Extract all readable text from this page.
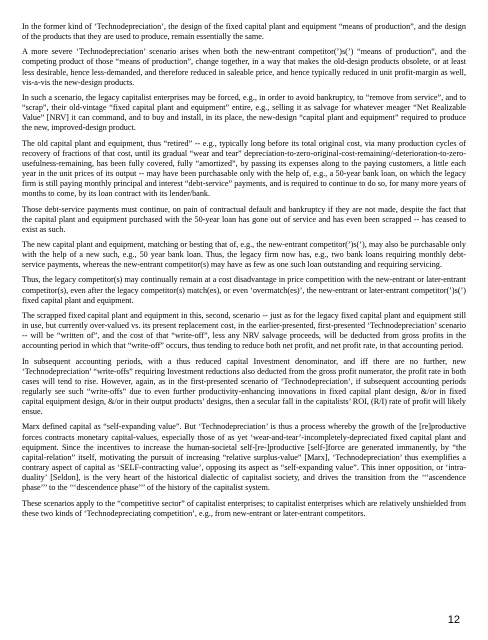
In the former kind of ‘Technodepreciation’, the design of the fixed capital plant and equipment “means of production”, and the design of the products that they are used to produce, remain essentially the same.

A more severe ‘Technodepreciation’ scenario arises when both the new-entrant competitor(’)s(’) “means of production”, and the competing product of those “means of production”, change together, in a way that makes the old-design products obsolete, or at least less desirable, hence less-demanded, and therefore reduced in saleable price, and hence typically reduced in unit profit-margin as well, vis-a-vis the new-design products.

In such a scenario, the legacy capitalist enterprises may be forced, e.g., in order to avoid bankruptcy, to “remove from service”, and to “scrap”, their old-vintage “fixed capital plant and equipment” entire, e.g., selling it as salvage for whatever meager “Net Realizable Value” [NRV] it can command, and to buy and install, in its place, the new-design “capital plant and equipment” required to produce the new, improved-design product.

The old capital plant and equipment, thus “retired” -- e.g., typically long before its total original cost, via many production cycles of recovery of fractions of that cost, until its gradual “wear and tear” depreciation-to-zero-original-cost-remaining/-deterioration-to-zero-usefulness-remaining, has been fully covered, fully “amortized”, by passing its expenses along to the paying customers, a little each year in the unit prices of its output -- may have been purchasable only with the help of, e.g., a 50-year bank loan, on which the legacy firm is still paying monthly principal and interest “debt-service” payments, and is required to continue to do so, for many more years of months to come, by its loan contract with its lender/bank.

Those debt-service payments must continue, on pain of contractual default and bankruptcy if they are not made, despite the fact that the capital plant and equipment purchased with the 50-year loan has gone out of service and has even been scrapped -- has ceased to exist as such.

The new capital plant and equipment, matching or besting that of, e.g., the new-entrant competitor(’)s(’), may also be purchasable only with the help of a new such, e.g., 50 year bank loan. Thus, the legacy firm now has, e.g., two bank loans requiring monthly debt-service payments, whereas the new-entrant competitor(s) may have as few as one such loan outstanding and requiring servicing.

Thus, the legacy competitor(s) may continually remain at a cost disadvantage in price competition with the new-entrant or later-entrant competitor(s), even after the legacy competitor(s) match(es), or even ‘overmatch(es)’, the new-entrant or later-entrant competitor(’)s(’) fixed capital plant and equipment.

The scrapped fixed capital plant and equipment in this, second, scenario -- just as for the legacy fixed capital plant and equipment still in use, but currently over-valued vs. its present replacement cost, in the earlier-presented, first-presented ‘Technodepreciation’ scenario -- will be “written of”, and the cost of that “write-off”, less any NRV salvage proceeds, will be deducted from gross profits in the accounting period in which that “write-off” occurs, thus tending to reduce both net profit, and net profit rate, in that accounting period.

In subsequent accounting periods, with a thus reduced capital Investment denominator, and iff there are no further, new ‘Technodepreciation’ “write-offs” requiring Investment reductions also deducted from the gross profit numerator, the profit rate in both cases will tend to rise. However, again, as in the first-presented scenario of ‘Technodepreciation’, if subsequent accounting periods regularly see such “write-offs” due to even further productivity-enhancing innovations in fixed capital plant design, &/or in fixed capital equipment design, &/or in their output products’ designs, then a secular fall in the capitalists’ ROI, (R/I) rate of profit will likely ensue.

Marx defined capital as “self-expanding value”. But ‘Technodepreciation’ is thus a process whereby the growth of the [re]productive forces contracts monetary capital-values, especially those of as yet ‘wear-and-tear’-incompletely-depreciated fixed capital plant and equipment. Since the incentives to increase the human-societal self-[re-]productive [self-]force are generated immanently, by “the capital-relation” itself, motivating the pursuit of increasing “relative surplus-value” [Marx], ‘Technodepreciation’ thus exemplifies a contrary aspect of capital as ‘SELF-contracting value’, opposing its aspect as “self-expanding value”. This inner opposition, or ‘intra-duality’ [Seldon], is the very heart of the historical dialectic of capitalist society, and drives the transition from the ‘‘‘ascendence phase’’’ to the ‘‘‘descendence phase’’’ of the history of the capitalist system.

These scenarios apply to the “competitive sector” of capitalist enterprises; to capitalist enterprises which are relatively unshielded from these two kinds of ‘Technodepreciating competition’, e.g., from new-entrant or later-entrant competitors.

12
